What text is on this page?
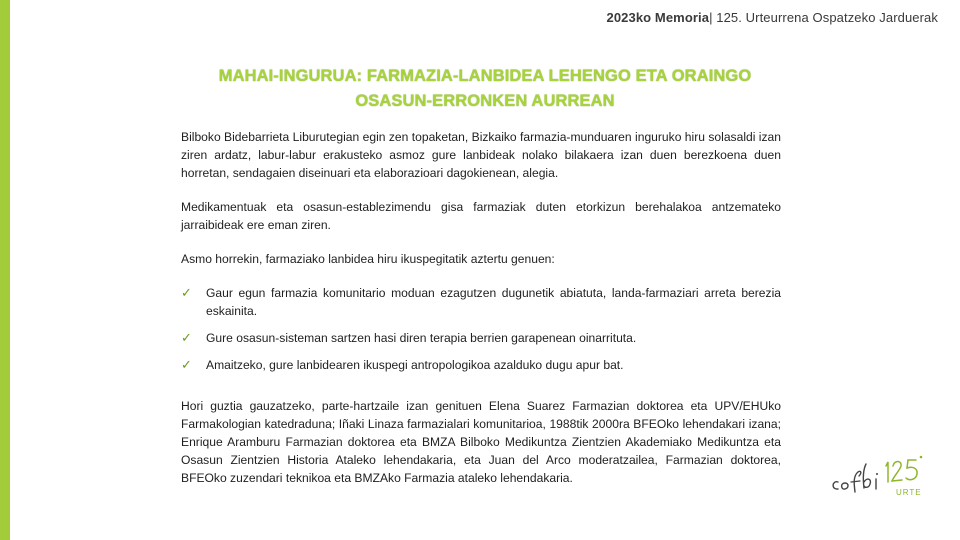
2023ko Memoria| 125. Urteurrena Ospatzeko Jarduerak
MAHAI-INGURUA: FARMAZIA-LANBIDEA LEHENGO ETA ORAINGO
OSASUN-ERRONKEN AURREAN

Bilboko Bidebarrieta Liburutegian egin zen topaketan, Bizkaiko farmazia-munduaren inguruko hiru solasaldi izan ziren ardatz, labur-labur erakusteko asmoz gure lanbideak nolako bilakaera izan duen berezkoena duen horretan, sendagaien diseinuari eta elaborazioari dagokienean, alegia.

Medikamentuak eta osasun-establezimendu gisa farmaziak duten etorkizun berehalakoa antzemateko jarraibideak ere eman ziren.

Asmo horrekin, farmaziako lanbidea hiru ikuspegitatik aztertu genuen:

✓ Gaur egun farmazia komunitario moduan ezagutzen dugunetik abiatuta, landa-farmaziari arreta berezia eskainita.
✓ Gure osasun-sisteman sartzen hasi diren terapia berrien garapenean oinarrituta.
✓ Amaitzeko, gure lanbidearen ikuspegi antropologikoa azalduko dugu apur bat.

Hori guztia gauzatzeko, parte-hartzaile izan genituen Elena Suarez Farmazian doktorea eta UPV/EHUko Farmakologian katedraduna; Iñaki Linaza farmazialari komunitarioa, 1988tik 2000ra BFEOko lehendakari izana; Enrique Aramburu Farmazian doktorea eta BMZA Bilboko Medikuntza Zientzien Akademiako Medikuntza eta Osasun Zientzien Historia Ataleko lehendakaria, eta Juan del Arco moderatzailea, Farmazian doktorea, BFEOko zuzendari teknikoa eta BMZAko Farmazia ataleko lehendakaria.

URTE
